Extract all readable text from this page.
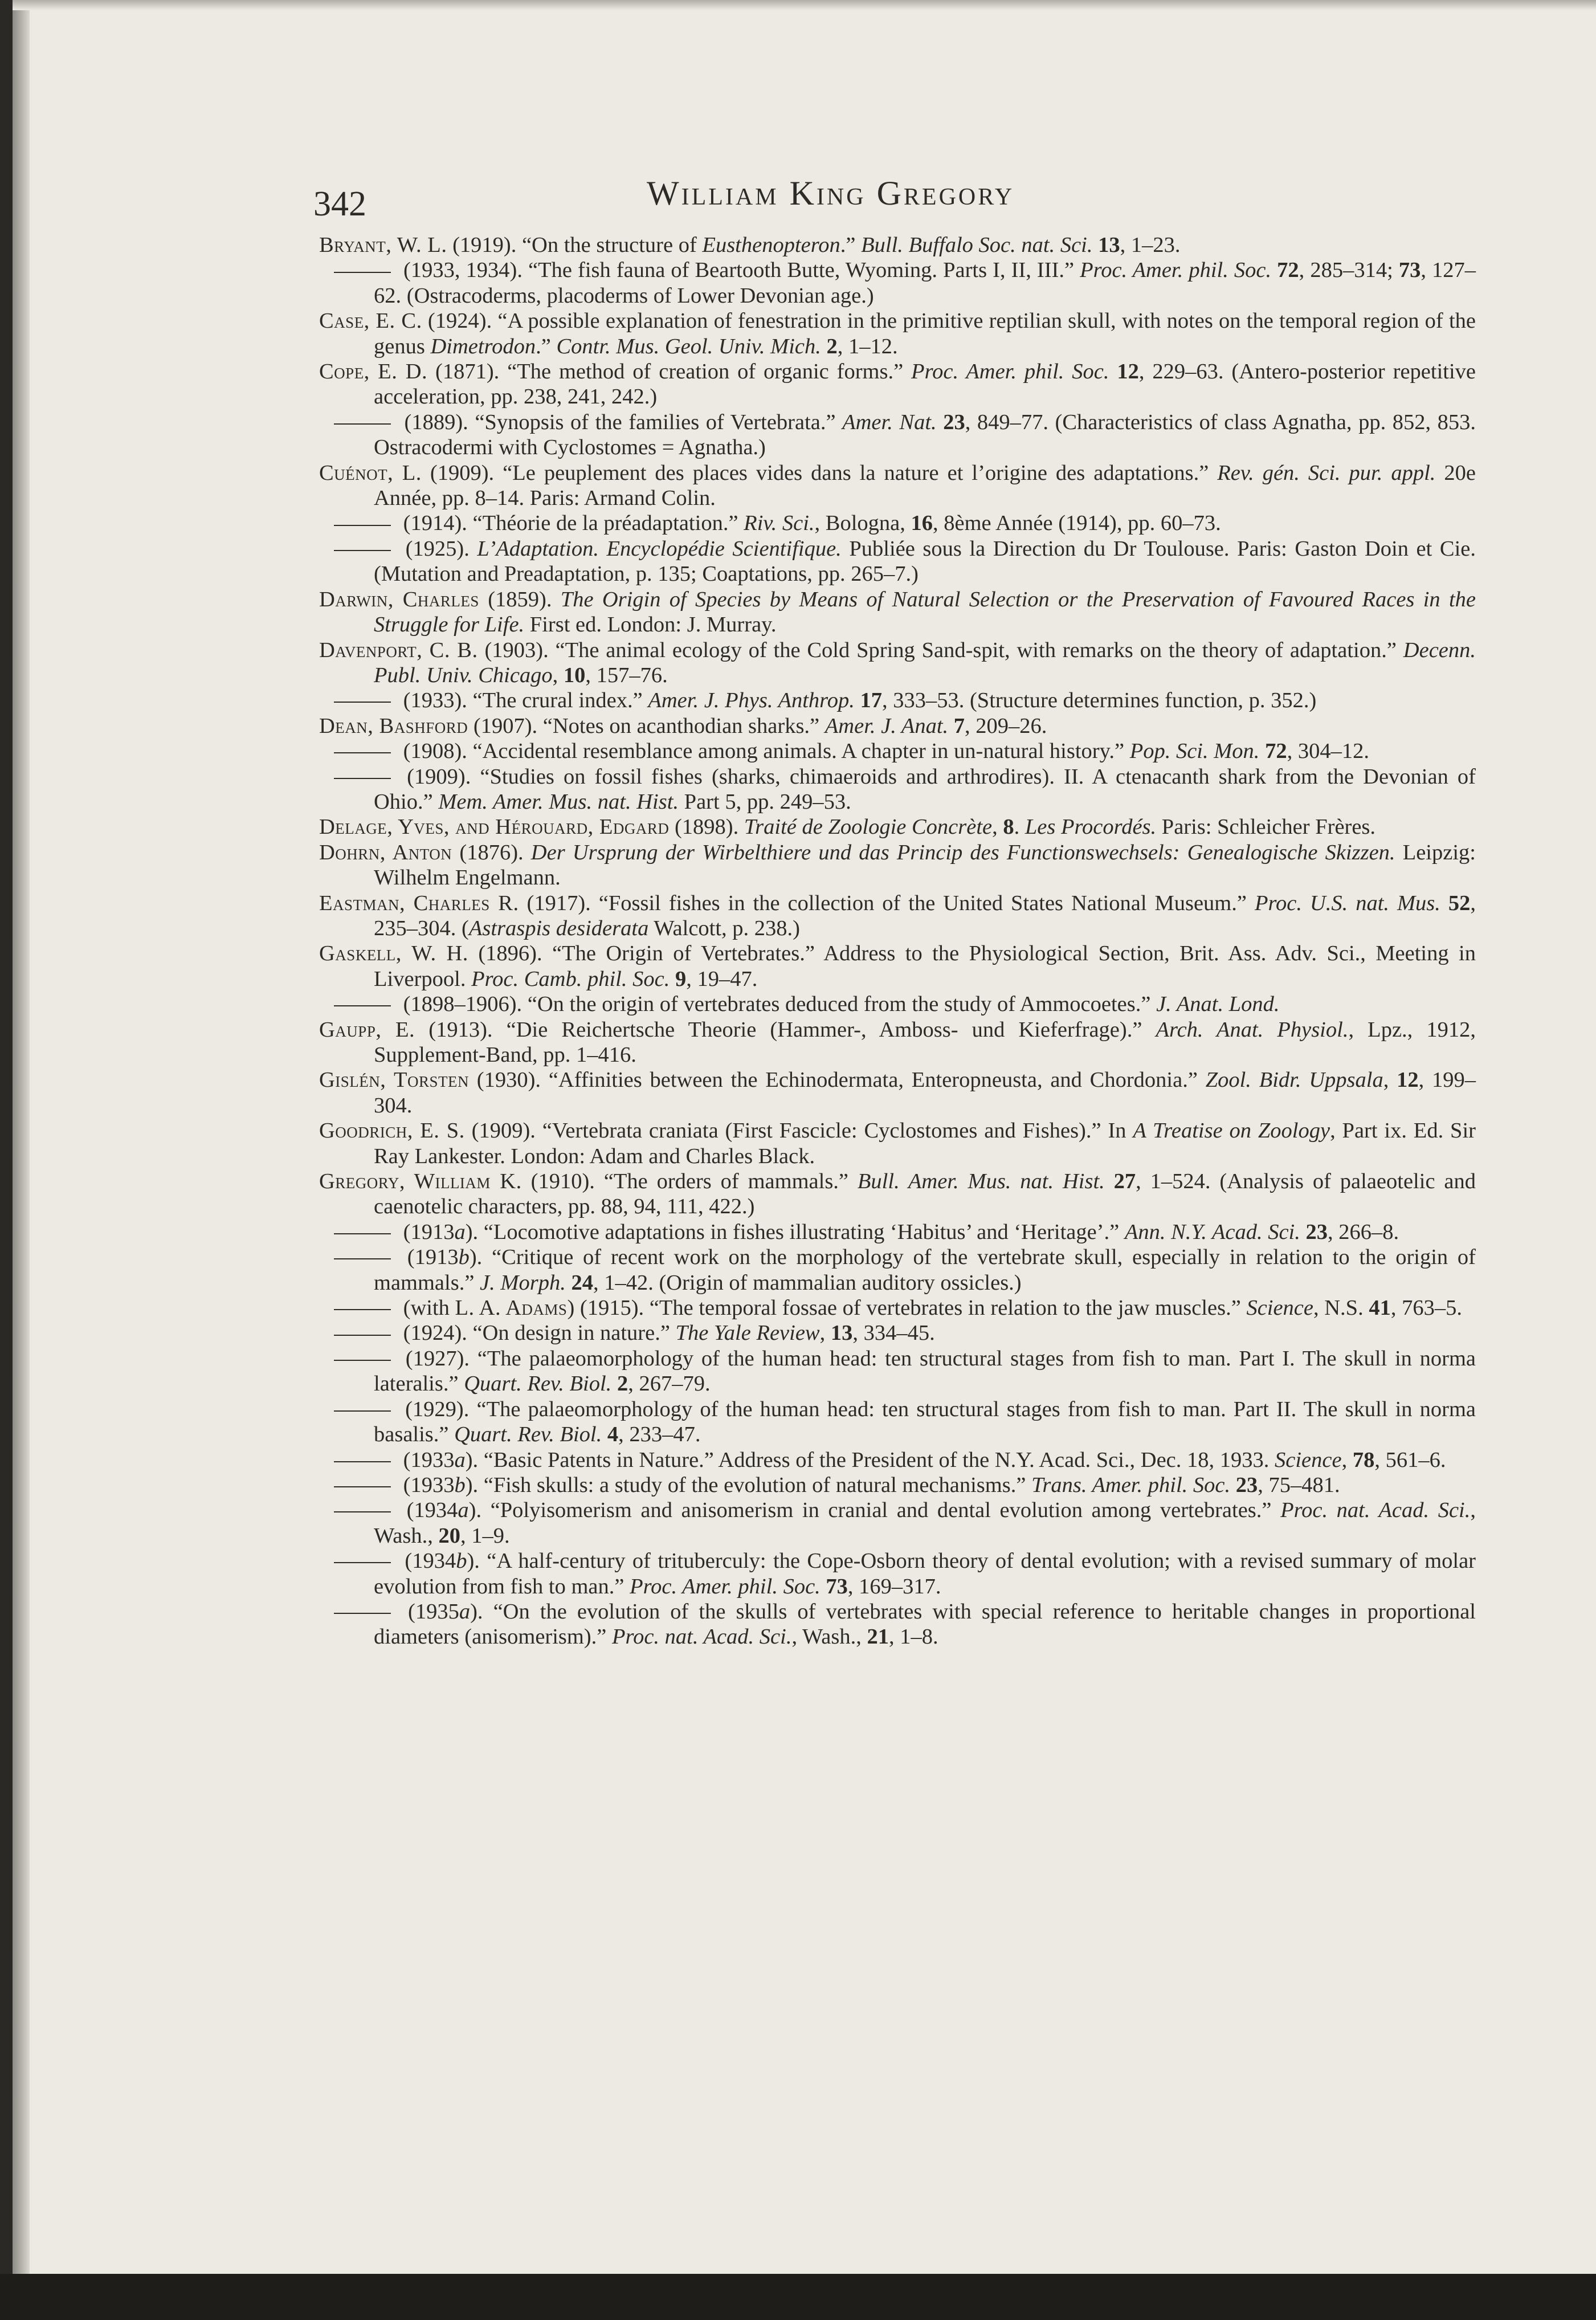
342	William King Gregory
Bryant, W. L. (1919). “On the structure of Eusthenopteron.” Bull. Buffalo Soc. nat. Sci. 13, 1–23.
(1933, 1934). “The fish fauna of Beartooth Butte, Wyoming. Parts I, II, III.” Proc. Amer. phil. Soc. 72, 285–314; 73, 127–62. (Ostracoderms, placoderms of Lower Devonian age.)
Case, E. C. (1924). “A possible explanation of fenestration in the primitive reptilian skull, with notes on the temporal region of the genus Dimetrodon.” Contr. Mus. Geol. Univ. Mich. 2, 1–12.
Cope, E. D. (1871). “The method of creation of organic forms.” Proc. Amer. phil. Soc. 12, 229–63. (Antero-posterior repetitive acceleration, pp. 238, 241, 242.)
(1889). “Synopsis of the families of Vertebrata.” Amer. Nat. 23, 849–77. (Characteristics of class Agnatha, pp. 852, 853. Ostracodermi with Cyclostomes = Agnatha.)
Cuénot, L. (1909). “Le peuplement des places vides dans la nature et l’origine des adaptations.” Rev. gén. Sci. pur. appl. 20e Année, pp. 8–14. Paris: Armand Colin.
(1914). “Théorie de la préadaptation.” Riv. Sci., Bologna, 16, 8ème Année (1914), pp. 60–73.
(1925). L’Adaptation. Encyclopédie Scientifique. Publiée sous la Direction du Dr Toulouse. Paris: Gaston Doin et Cie. (Mutation and Preadaptation, p. 135; Coaptations, pp. 265–7.)
Darwin, Charles (1859). The Origin of Species by Means of Natural Selection or the Preservation of Favoured Races in the Struggle for Life. First ed. London: J. Murray.
Davenport, C. B. (1903). “The animal ecology of the Cold Spring Sand-spit, with remarks on the theory of adaptation.” Decenn. Publ. Univ. Chicago, 10, 157–76.
(1933). “The crural index.” Amer. J. Phys. Anthrop. 17, 333–53. (Structure determines function, p. 352.)
Dean, Bashford (1907). “Notes on acanthodian sharks.” Amer. J. Anat. 7, 209–26.
(1908). “Accidental resemblance among animals. A chapter in un-natural history.” Pop. Sci. Mon. 72, 304–12.
(1909). “Studies on fossil fishes (sharks, chimaeroids and arthrodires). II. A ctenacanth shark from the Devonian of Ohio.” Mem. Amer. Mus. nat. Hist. Part 5, pp. 249–53.
Delage, Yves, and Hérouard, Edgard (1898). Traité de Zoologie Concrète, 8. Les Procordés. Paris: Schleicher Frères.
Dohrn, Anton (1876). Der Ursprung der Wirbelthiere und das Princip des Functionswechsels: Genealogische Skizzen. Leipzig: Wilhelm Engelmann.
Eastman, Charles R. (1917). “Fossil fishes in the collection of the United States National Museum.” Proc. U.S. nat. Mus. 52, 235–304. (Astraspis desiderata Walcott, p. 238.)
Gaskell, W. H. (1896). “The Origin of Vertebrates.” Address to the Physiological Section, Brit. Ass. Adv. Sci., Meeting in Liverpool. Proc. Camb. phil. Soc. 9, 19–47.
(1898–1906). “On the origin of vertebrates deduced from the study of Ammocoetes.” J. Anat. Lond.
Gaupp, E. (1913). “Die Reichertsche Theorie (Hammer-, Amboss- und Kieferfrage).” Arch. Anat. Physiol., Lpz., 1912, Supplement-Band, pp. 1–416.
Gislén, Torsten (1930). “Affinities between the Echinodermata, Enteropneusta, and Chordonia.” Zool. Bidr. Uppsala, 12, 199–304.
Goodrich, E. S. (1909). “Vertebrata craniata (First Fascicle: Cyclostomes and Fishes).” In A Treatise on Zoology, Part ix. Ed. Sir Ray Lankester. London: Adam and Charles Black.
Gregory, William K. (1910). “The orders of mammals.” Bull. Amer. Mus. nat. Hist. 27, 1–524. (Analysis of palaeotelic and caenotelic characters, pp. 88, 94, 111, 422.)
(1913a). “Locomotive adaptations in fishes illustrating ‘Habitus’ and ‘Heritage’.” Ann. N.Y. Acad. Sci. 23, 266–8.
(1913b). “Critique of recent work on the morphology of the vertebrate skull, especially in relation to the origin of mammals.” J. Morph. 24, 1–42. (Origin of mammalian auditory ossicles.)
(with L. A. Adams) (1915). “The temporal fossae of vertebrates in relation to the jaw muscles.” Science, N.S. 41, 763–5.
(1924). “On design in nature.” The Yale Review, 13, 334–45.
(1927). “The palaeomorphology of the human head: ten structural stages from fish to man. Part I. The skull in norma lateralis.” Quart. Rev. Biol. 2, 267–79.
(1929). “The palaeomorphology of the human head: ten structural stages from fish to man. Part II. The skull in norma basalis.” Quart. Rev. Biol. 4, 233–47.
(1933a). “Basic Patents in Nature.” Address of the President of the N.Y. Acad. Sci., Dec. 18, 1933. Science, 78, 561–6.
(1933b). “Fish skulls: a study of the evolution of natural mechanisms.” Trans. Amer. phil. Soc. 23, 75–481.
(1934a). “Polyisomerism and anisomerism in cranial and dental evolution among vertebrates.” Proc. nat. Acad. Sci., Wash., 20, 1–9.
(1934b). “A half-century of trituberculy: the Cope-Osborn theory of dental evolution; with a revised summary of molar evolution from fish to man.” Proc. Amer. phil. Soc. 73, 169–317.
(1935a). “On the evolution of the skulls of vertebrates with special reference to heritable changes in proportional diameters (anisomerism).” Proc. nat. Acad. Sci., Wash., 21, 1–8.
